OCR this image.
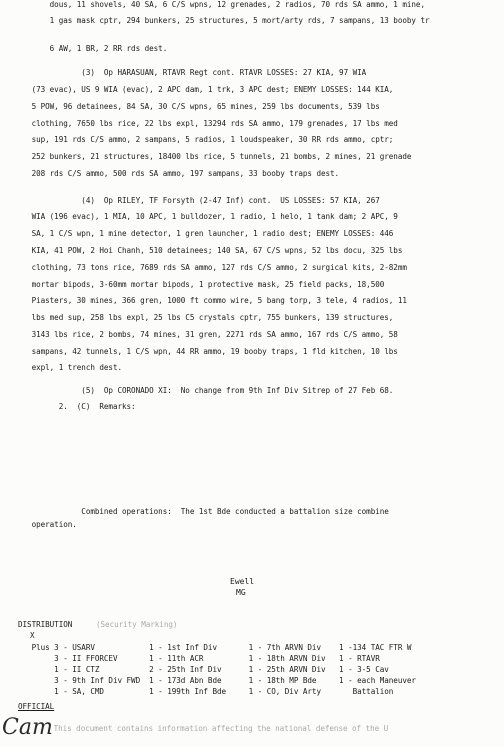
dous, 11 shovels, 40 SA, 6 C/S wpns, 12 grenades, 2 radios, 70 rds SA ammo, 1 mine,
1 gas mask cptr, 294 bunkers, 25 structures, 5 mort/arty rds, 7 sampans, 13 booby tr
6 AW, 1 BR, 2 RR rds dest.
(3)  Op HARASUAN, RTAVR Regt cont. RTAVR LOSSES: 27 KIA, 97 WIA
(73 evac), US 9 WIA (evac), 2 APC dam, 1 trk, 3 APC dest; ENEMY LOSSES: 144 KIA,
5 POW, 96 detainees, 84 SA, 30 C/S wpns, 65 mines, 259 lbs documents, 539 lbs
clothing, 7650 lbs rice, 22 lbs expl, 13294 rds SA ammo, 179 grenades, 17 lbs med
sup, 191 rds C/S ammo, 2 sampans, 5 radios, 1 loudspeaker, 30 RR rds ammo, cptr;
252 bunkers, 21 structures, 18400 lbs rice, 5 tunnels, 21 bombs, 2 mines, 21 grenade
208 rds C/S ammo, 500 rds SA ammo, 197 sampans, 33 booby traps dest.
(4)  Op RILEY, TF Forsyth (2-47 Inf) cont.  US LOSSES: 57 KIA, 267
WIA (196 evac), 1 MIA, 10 APC, 1 bulldozer, 1 radio, 1 helo, 1 tank dam; 2 APC, 9
SA, 1 C/S wpn, 1 mine detector, 1 gren launcher, 1 radio dest; ENEMY LOSSES: 446
KIA, 41 POW, 2 Hoi Chanh, 510 detainees; 140 SA, 67 C/S wpns, 52 lbs docu, 325 lbs
clothing, 73 tons rice, 7689 rds SA ammo, 127 rds C/S ammo, 2 surgical kits, 2-82mm
mortar bipods, 3-60mm mortar bipods, 1 protective mask, 25 field packs, 18,500
Piasters, 30 mines, 366 gren, 1000 ft commo wire, 5 bang torp, 3 tele, 4 radios, 11
lbs med sup, 258 lbs expl, 25 lbs C5 crystals cptr, 755 bunkers, 139 structures,
3143 lbs rice, 2 bombs, 74 mines, 31 gren, 2271 rds SA ammo, 167 rds C/S ammo, 58
sampans, 42 tunnels, 1 C/S wpn, 44 RR ammo, 19 booby traps, 1 fld kitchen, 10 lbs
expl, 1 trench dest.
(5)  Op CORONADO XI:  No change from 9th Inf Div Sitrep of 27 Feb 68.
2.  (C)  Remarks:
Combined operations:  The 1st Bde conducted a battalion size combine
operation.
Ewell
MG
DISTRIBUTION	(Security Marking)
X
Plus 3 - USARV            1 - 1st Inf Div       1 - 7th ARVN Div    1 -134 TAC FTR W
3 - II FFORCEV       1 - 11th ACR          1 - 18th ARVN Div   1 - RTAVR
1 - II CTZ           2 - 25th Inf Div      1 - 25th ARVN Div   1 - 3-5 Cav
3 - 9th Inf Div FWD  1 - 173d Abn Bde      1 - 18th MP Bde     1 - each Maneuver
1 - SA, CMD          1 - 199th Inf Bde     1 - CO, Div Arty       Battalion
OFFICIAL
This document contains information affecting the national defense of the U
Cam
